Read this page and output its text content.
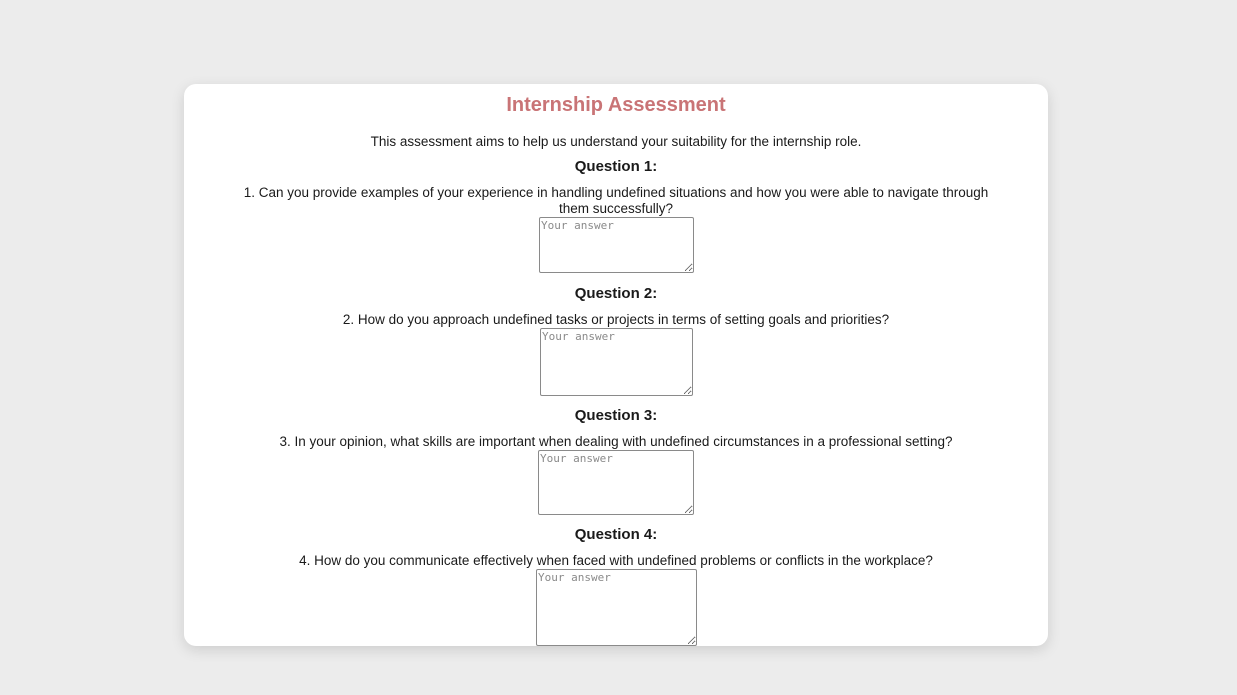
Internship Assessment
This assessment aims to help us understand your suitability for the internship role.
Question 1:
1. Can you provide examples of your experience in handling undefined situations and how you were able to navigate through them successfully?
Your answer
Question 2:
2. How do you approach undefined tasks or projects in terms of setting goals and priorities?
Your answer
Question 3:
3. In your opinion, what skills are important when dealing with undefined circumstances in a professional setting?
Your answer
Question 4:
4. How do you communicate effectively when faced with undefined problems or conflicts in the workplace?
Your answer
